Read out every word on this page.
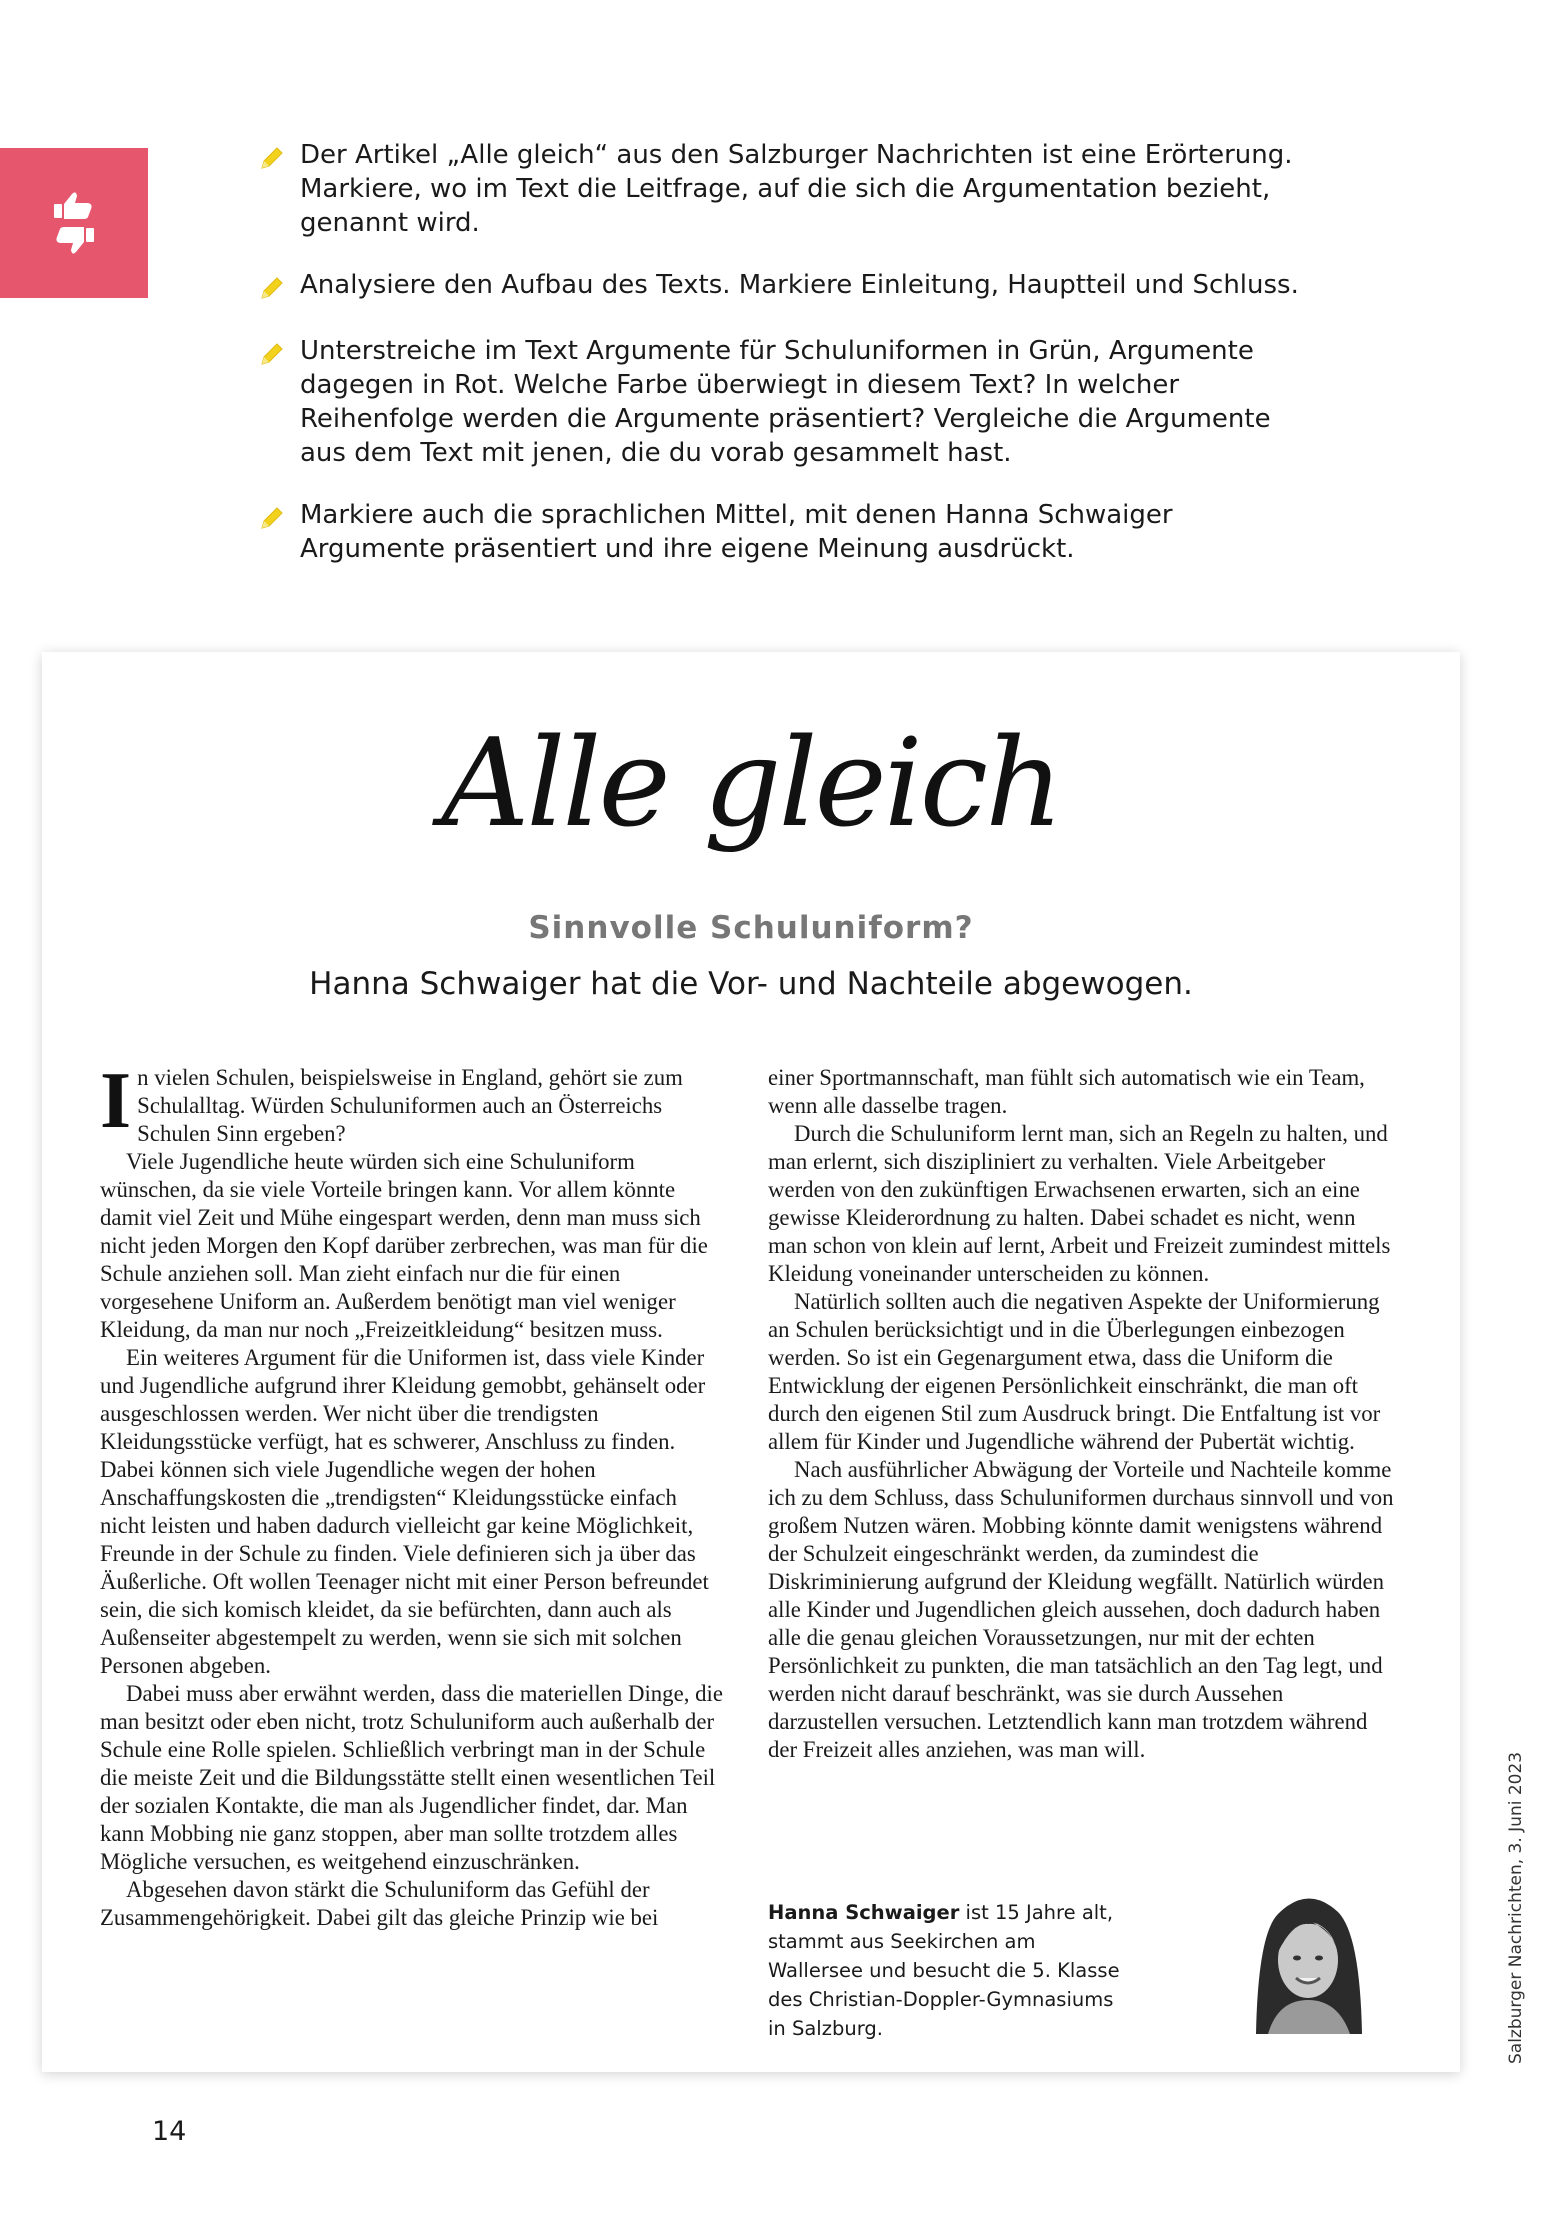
Der Artikel „Alle gleich“ aus den Salzburger Nachrichten ist eine Erörterung. Markiere, wo im Text die Leitfrage, auf die sich die Argumentation bezieht, genannt wird.
Analysiere den Aufbau des Texts. Markiere Einleitung, Hauptteil und Schluss.
Unterstreiche im Text Argumente für Schuluniformen in Grün, Argumente dagegen in Rot. Welche Farbe überwiegt in diesem Text? In welcher Reihenfolge werden die Argumente präsentiert? Vergleiche die Argumente aus dem Text mit jenen, die du vorab gesammelt hast.
Markiere auch die sprachlichen Mittel, mit denen Hanna Schwaiger Argumente präsentiert und ihre eigene Meinung ausdrückt.
Alle gleich
Sinnvolle Schuluniform?
Hanna Schwaiger hat die Vor- und Nachteile abgewogen.

In vielen Schulen, beispielsweise in England, gehört sie zum Schulalltag. Würden Schuluniformen auch an Österreichs Schulen Sinn ergeben?

Viele Jugendliche heute würden sich eine Schuluniform wünschen, da sie viele Vorteile bringen kann. Vor allem könnte damit viel Zeit und Mühe eingespart werden, denn man muss sich nicht jeden Morgen den Kopf darüber zerbrechen, was man für die Schule anziehen soll. Man zieht einfach nur die für einen vorgesehene Uniform an. Außerdem benötigt man viel weniger Kleidung, da man nur noch „Freizeitkleidung“ besitzen muss.

Ein weiteres Argument für die Uniformen ist, dass viele Kinder und Jugendliche aufgrund ihrer Kleidung gemobbt, gehänselt oder ausgeschlossen werden. Wer nicht über die trendigsten Kleidungsstücke verfügt, hat es schwerer, Anschluss zu finden. Dabei können sich viele Jugendliche wegen der hohen Anschaffungskosten die „trendigsten“ Kleidungsstücke einfach nicht leisten und haben dadurch vielleicht gar keine Möglichkeit, Freunde in der Schule zu finden. Viele definieren sich ja über das Äußerliche. Oft wollen Teenager nicht mit einer Person befreundet sein, die sich komisch kleidet, da sie befürchten, dann auch als Außenseiter abgestempelt zu werden, wenn sie sich mit solchen Personen abgeben.

Dabei muss aber erwähnt werden, dass die materiellen Dinge, die man besitzt oder eben nicht, trotz Schuluniform auch außerhalb der Schule eine Rolle spielen. Schließlich verbringt man in der Schule die meiste Zeit und die Bildungsstätte stellt einen wesentlichen Teil der sozialen Kontakte, die man als Jugendlicher findet, dar. Man kann Mobbing nie ganz stoppen, aber man sollte trotzdem alles Mögliche versuchen, es weitgehend einzuschränken.

Abgesehen davon stärkt die Schuluniform das Gefühl der Zusammengehörigkeit. Dabei gilt das gleiche Prinzip wie bei

einer Sportmannschaft, man fühlt sich automatisch wie ein Team, wenn alle dasselbe tragen.

Durch die Schuluniform lernt man, sich an Regeln zu halten, und man erlernt, sich diszipliniert zu verhalten. Viele Arbeitgeber werden von den zukünftigen Erwachsenen erwarten, sich an eine gewisse Kleiderordnung zu halten. Dabei schadet es nicht, wenn man schon von klein auf lernt, Arbeit und Freizeit zumindest mittels Kleidung voneinander unterscheiden zu können.

Natürlich sollten auch die negativen Aspekte der Uniformierung an Schulen berücksichtigt und in die Überlegungen einbezogen werden. So ist ein Gegenargument etwa, dass die Uniform die Entwicklung der eigenen Persönlichkeit einschränkt, die man oft durch den eigenen Stil zum Ausdruck bringt. Die Entfaltung ist vor allem für Kinder und Jugendliche während der Pubertät wichtig.

Nach ausführlicher Abwägung der Vorteile und Nachteile komme ich zu dem Schluss, dass Schuluniformen durchaus sinnvoll und von großem Nutzen wären. Mobbing könnte damit wenigstens während der Schulzeit eingeschränkt werden, da zumindest die Diskriminierung aufgrund der Kleidung wegfällt. Natürlich würden alle Kinder und Jugendlichen gleich aussehen, doch dadurch haben alle die genau gleichen Voraussetzungen, nur mit der echten Persönlichkeit zu punkten, die man tatsächlich an den Tag legt, und werden nicht darauf beschränkt, was sie durch Aussehen darzustellen versuchen. Letztendlich kann man trotzdem während der Freizeit alles anziehen, was man will.

Hanna Schwaiger ist 15 Jahre alt, stammt aus Seekirchen am Wallersee und besucht die 5. Klasse des Christian-Doppler-Gymnasiums in Salzburg.	Salzburger Nachrichten, 3. Juni 2023
14
